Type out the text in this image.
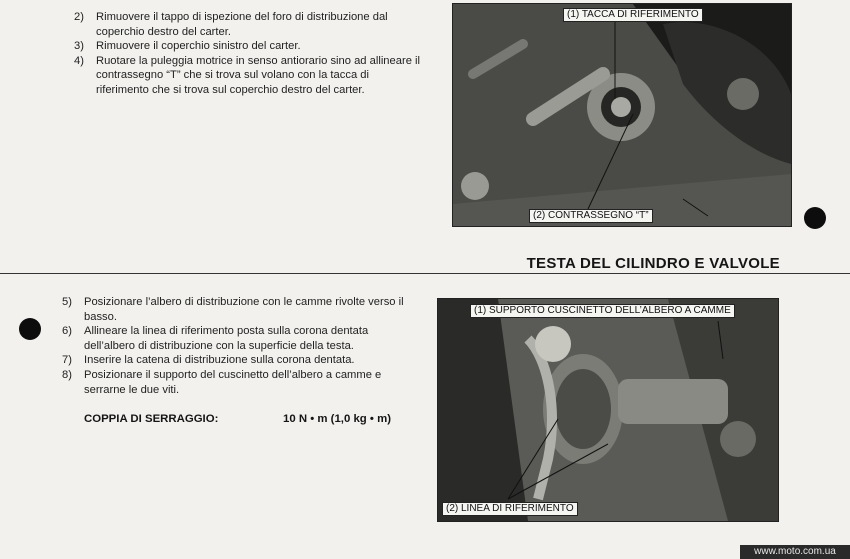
2) Rimuovere il tappo di ispezione del foro di distribuzione dal coperchio destro del carter.
3) Rimuovere il coperchio sinistro del carter.
4) Ruotare la puleggia motrice in senso antiorario sino ad allineare il contrassegno “T” che si trova sul volano con la tacca di riferimento che si trova sul coperchio destro del carter.
(1) TACCA DI RIFERIMENTO
(2) CONTRASSEGNO “T”
TESTA DEL CILINDRO E VALVOLE
5) Posizionare l’albero di distribuzione con le camme rivolte verso il basso.
6) Allineare la linea di riferimento posta sulla corona dentata dell’albero di distribuzione con la superficie della testa.
7) Inserire la catena di distribuzione sulla corona dentata.
8) Posizionare il supporto del cuscinetto dell’albero a camme e serrarne le due viti.
COPPIA DI SERRAGGIO:	10 N • m (1,0 kg • m)
(1) SUPPORTO CUSCINETTO DELL’ALBERO A CAMME
(2) LINEA DI RIFERIMENTO
www.moto.com.ua
